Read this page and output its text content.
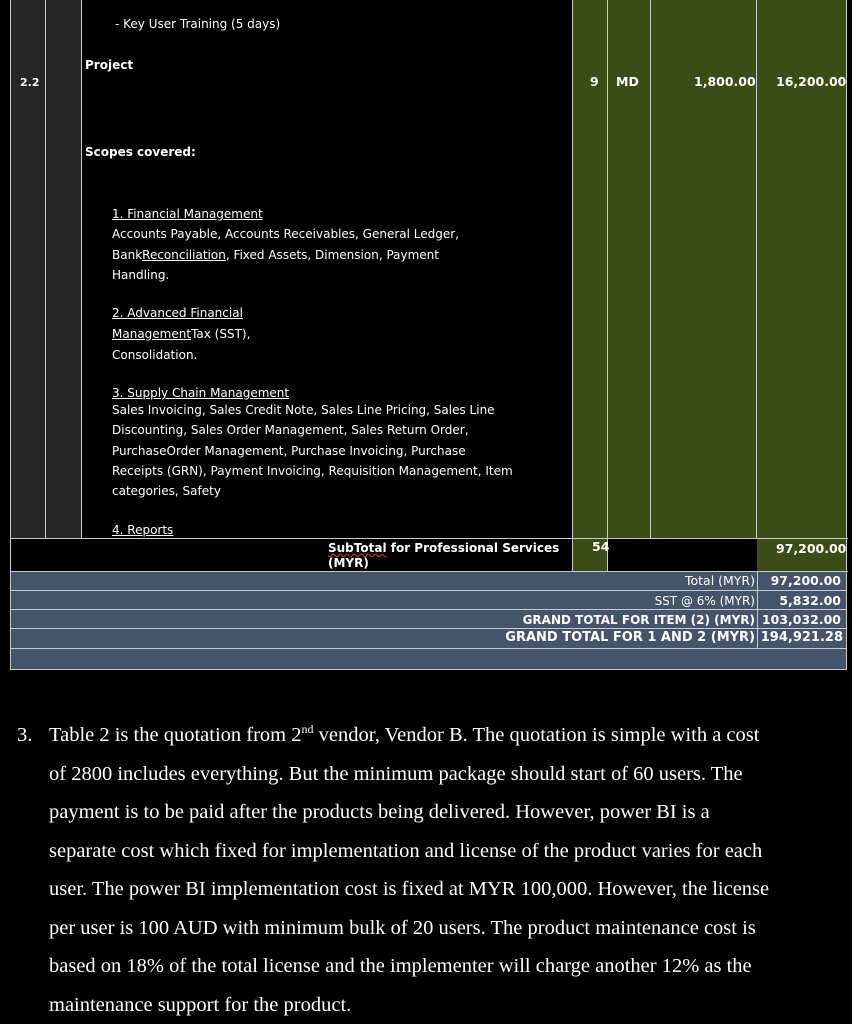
- Key User Training (5 days)
2.2
Project
9 MD	1,800.00 16,200.00
Scopes covered:
1. Financial Management
Accounts Payable, Accounts Receivables, General Ledger,
BankReconciliation, Fixed Assets, Dimension, Payment
Handling.
2. Advanced Financial
ManagementTax (SST),
Consolidation.
3. Supply Chain Management
Sales Invoicing, Sales Credit Note, Sales Line Pricing, Sales Line
Discounting, Sales Order Management, Sales Return Order,
PurchaseOrder Management, Purchase Invoicing, Purchase
Receipts (GRN), Payment Invoicing, Requisition Management, Item
categories, Safety
4. Reports
SubTotal for Professional Services
(MYR)
54	97,200.00
Total (MYR) 97,200.00
SST @ 6% (MYR) 5,832.00
GRAND TOTAL FOR ITEM (2) (MYR) 103,032.00
GRAND TOTAL FOR 1 AND 2 (MYR) 194,921.28
3. Table 2 is the quotation from 2nd vendor, Vendor B. The quotation is simple with a cost
of 2800 includes everything. But the minimum package should start of 60 users. The
payment is to be paid after the products being delivered. However, power BI is a
separate cost which fixed for implementation and license of the product varies for each
user. The power BI implementation cost is fixed at MYR 100,000. However, the license
per user is 100 AUD with minimum bulk of 20 users. The product maintenance cost is
based on 18% of the total license and the implementer will charge another 12% as the
maintenance support for the product.
